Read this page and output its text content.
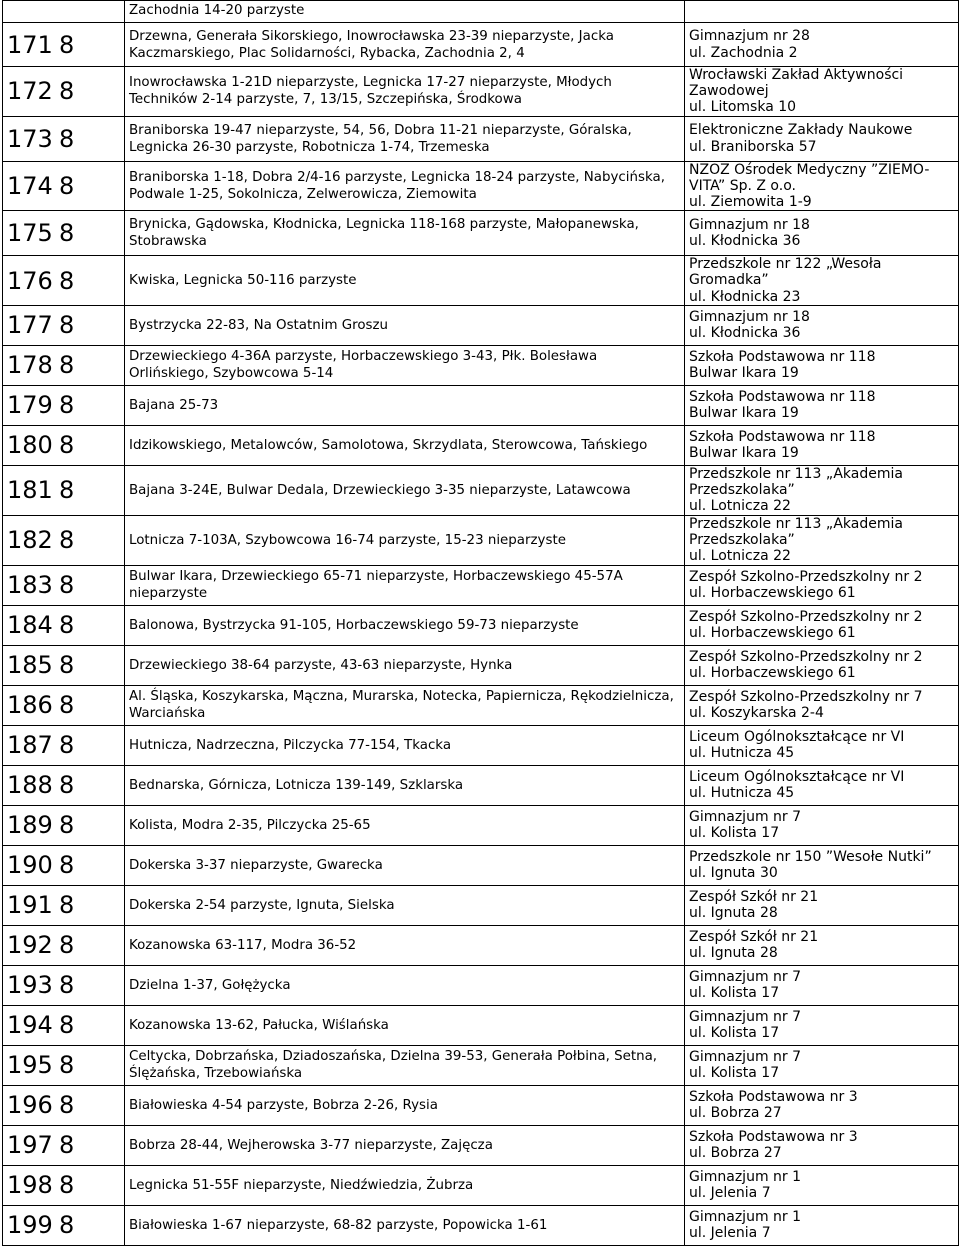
	Zachodnia 14-20 parzyste	
171 8	Drzewna, Generała Sikorskiego, Inowrocławska 23-39 nieparzyste, Jacka Kaczmarskiego, Plac Solidarności, Rybacka, Zachodnia 2, 4	Gimnazjum nr 28
ul. Zachodnia 2

172 8	Inowrocławska 1-21D nieparzyste, Legnicka 17-27 nieparzyste, Młodych Techników 2-14 parzyste, 7, 13/15, Szczepińska, Środkowa	Wrocławski Zakład Aktywności
Zawodowej
ul. Litomska 10

173 8	Braniborska 19-47 nieparzyste, 54, 56, Dobra 11-21 nieparzyste, Góralska, Legnicka 26-30 parzyste, Robotnicza 1-74, Trzemeska	Elektroniczne Zakłady Naukowe
ul. Braniborska 57

174 8	Braniborska 1-18, Dobra 2/4-16 parzyste, Legnicka 18-24 parzyste, Nabycińska, Podwale 1-25, Sokolnicza, Zelwerowicza, Ziemowita	NZOZ Ośrodek Medyczny ”ZIEMO-
VITA” Sp. Z o.o.
ul. Ziemowita 1-9

175 8	Brynicka, Gądowska, Kłodnicka, Legnicka 118-168 parzyste, Małopanewska, Stobrawska	Gimnazjum nr 18
ul. Kłodnicka 36

176 8	Kwiska, Legnicka 50-116 parzyste	Przedszkole nr 122 „Wesoła
Gromadka”
ul. Kłodnicka 23

177 8	Bystrzycka 22-83, Na Ostatnim Groszu	Gimnazjum nr 18
ul. Kłodnicka 36

178 8	Drzewieckiego 4-36A parzyste, Horbaczewskiego 3-43, Płk. Bolesława Orlińskiego, Szybowcowa 5-14	Szkoła Podstawowa nr 118
Bulwar Ikara 19

179 8	Bajana 25-73	Szkoła Podstawowa nr 118
Bulwar Ikara 19

180 8	Idzikowskiego, Metalowców, Samolotowa, Skrzydlata, Sterowcowa, Tańskiego	Szkoła Podstawowa nr 118
Bulwar Ikara 19

181 8	Bajana 3-24E, Bulwar Dedala, Drzewieckiego 3-35 nieparzyste, Latawcowa	Przedszkole nr 113 „Akademia
Przedszkolaka”
ul. Lotnicza 22

182 8	Lotnicza 7-103A, Szybowcowa 16-74 parzyste, 15-23 nieparzyste	Przedszkole nr 113 „Akademia
Przedszkolaka”
ul. Lotnicza 22

183 8	Bulwar Ikara, Drzewieckiego 65-71 nieparzyste, Horbaczewskiego 45-57A nieparzyste	Zespół Szkolno-Przedszkolny nr 2
ul. Horbaczewskiego 61

184 8	Balonowa, Bystrzycka 91-105, Horbaczewskiego 59-73 nieparzyste	Zespół Szkolno-Przedszkolny nr 2
ul. Horbaczewskiego 61

185 8	Drzewieckiego 38-64 parzyste, 43-63 nieparzyste, Hynka	Zespół Szkolno-Przedszkolny nr 2
ul. Horbaczewskiego 61

186 8	Al. Śląska, Koszykarska, Mączna, Murarska, Notecka, Papiernicza, Rękodzielnicza, Warciańska	Zespół Szkolno-Przedszkolny nr 7
ul. Koszykarska 2-4

187 8	Hutnicza, Nadrzeczna, Pilczycka 77-154, Tkacka	Liceum Ogólnokształcące nr VI
ul. Hutnicza 45

188 8	Bednarska, Górnicza, Lotnicza 139-149, Szklarska	Liceum Ogólnokształcące nr VI
ul. Hutnicza 45

189 8	Kolista, Modra 2-35, Pilczycka 25-65	Gimnazjum nr 7
ul. Kolista 17

190 8	Dokerska 3-37 nieparzyste, Gwarecka	Przedszkole nr 150 ”Wesołe Nutki”
ul. Ignuta 30

191 8	Dokerska 2-54 parzyste, Ignuta, Sielska	Zespół Szkół nr 21
ul. Ignuta 28

192 8	Kozanowska 63-117, Modra 36-52	Zespół Szkół nr 21
ul. Ignuta 28

193 8	Dzielna 1-37, Gołężycka	Gimnazjum nr 7
ul. Kolista 17

194 8	Kozanowska 13-62, Pałucka, Wiślańska	Gimnazjum nr 7
ul. Kolista 17

195 8	Celtycka, Dobrzańska, Dziadoszańska, Dzielna 39-53, Generała Połbina, Setna, Ślężańska, Trzebowiańska	Gimnazjum nr 7
ul. Kolista 17

196 8	Białowieska 4-54 parzyste, Bobrza 2-26, Rysia	Szkoła Podstawowa nr 3
ul. Bobrza 27

197 8	Bobrza 28-44, Wejherowska 3-77 nieparzyste, Zajęcza	Szkoła Podstawowa nr 3
ul. Bobrza 27

198 8	Legnicka 51-55F nieparzyste, Niedźwiedzia, Żubrza	Gimnazjum nr 1
ul. Jelenia 7

199 8	Białowieska 1-67 nieparzyste, 68-82 parzyste, Popowicka 1-61	Gimnazjum nr 1
ul. Jelenia 7
